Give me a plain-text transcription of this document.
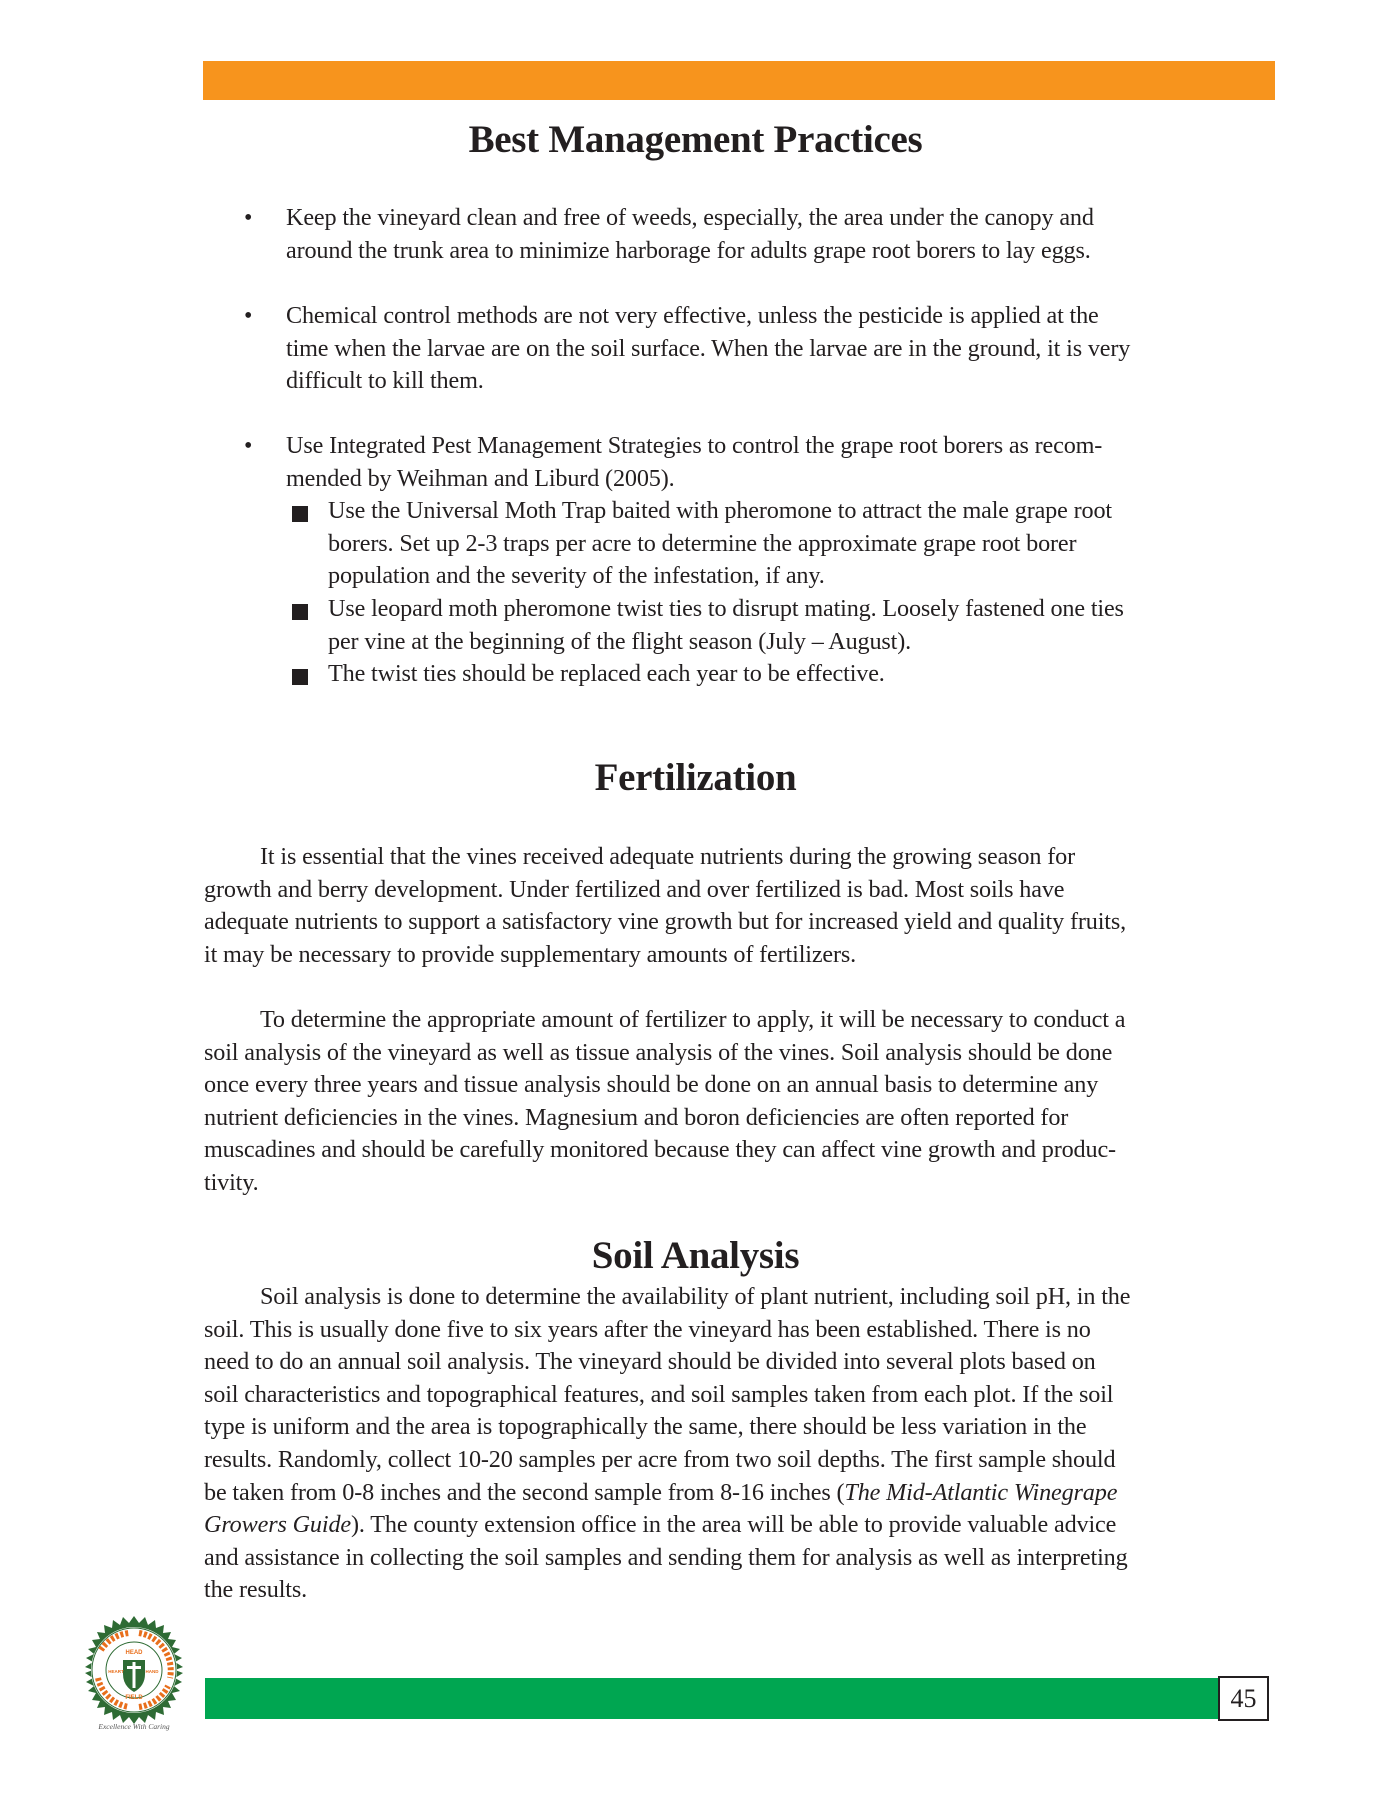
Best Management Practices
• Keep the vineyard clean and free of weeds, especially, the area under the canopy and
around the trunk area to minimize harborage for adults grape root borers to lay eggs.
• Chemical control methods are not very effective, unless the pesticide is applied at the
time when the larvae are on the soil surface. When the larvae are in the ground, it is very
difficult to kill them.
• Use Integrated Pest Management Strategies to control the grape root borers as recom-
mended by Weihman and Liburd (2005).
Use the Universal Moth Trap baited with pheromone to attract the male grape root
borers. Set up 2-3 traps per acre to determine the approximate grape root borer
population and the severity of the infestation, if any.
Use leopard moth pheromone twist ties to disrupt mating. Loosely fastened one ties
per vine at the beginning of the flight season (July – August).
The twist ties should be replaced each year to be effective.
Fertilization
It is essential that the vines received adequate nutrients during the growing season for
growth and berry development. Under fertilized and over fertilized is bad. Most soils have
adequate nutrients to support a satisfactory vine growth but for increased yield and quality fruits,
it may be necessary to provide supplementary amounts of fertilizers.
To determine the appropriate amount of fertilizer to apply, it will be necessary to conduct a
soil analysis of the vineyard as well as tissue analysis of the vines. Soil analysis should be done
once every three years and tissue analysis should be done on an annual basis to determine any
nutrient deficiencies in the vines. Magnesium and boron deficiencies are often reported for
muscadines and should be carefully monitored because they can affect vine growth and produc-
tivity.
Soil Analysis
Soil analysis is done to determine the availability of plant nutrient, including soil pH, in the
soil. This is usually done five to six years after the vineyard has been established. There is no
need to do an annual soil analysis. The vineyard should be divided into several plots based on
soil characteristics and topographical features, and soil samples taken from each plot. If the soil
type is uniform and the area is topographically the same, there should be less variation in the
results. Randomly, collect 10-20 samples per acre from two soil depths. The first sample should
be taken from 0-8 inches and the second sample from 8-16 inches (The Mid-Atlantic Winegrape
Growers Guide). The county extension office in the area will be able to provide valuable advice
and assistance in collecting the soil samples and sending them for analysis as well as interpreting
the results.
HEAD
HEART	HAND
FIELD
Excellence With Caring
45
